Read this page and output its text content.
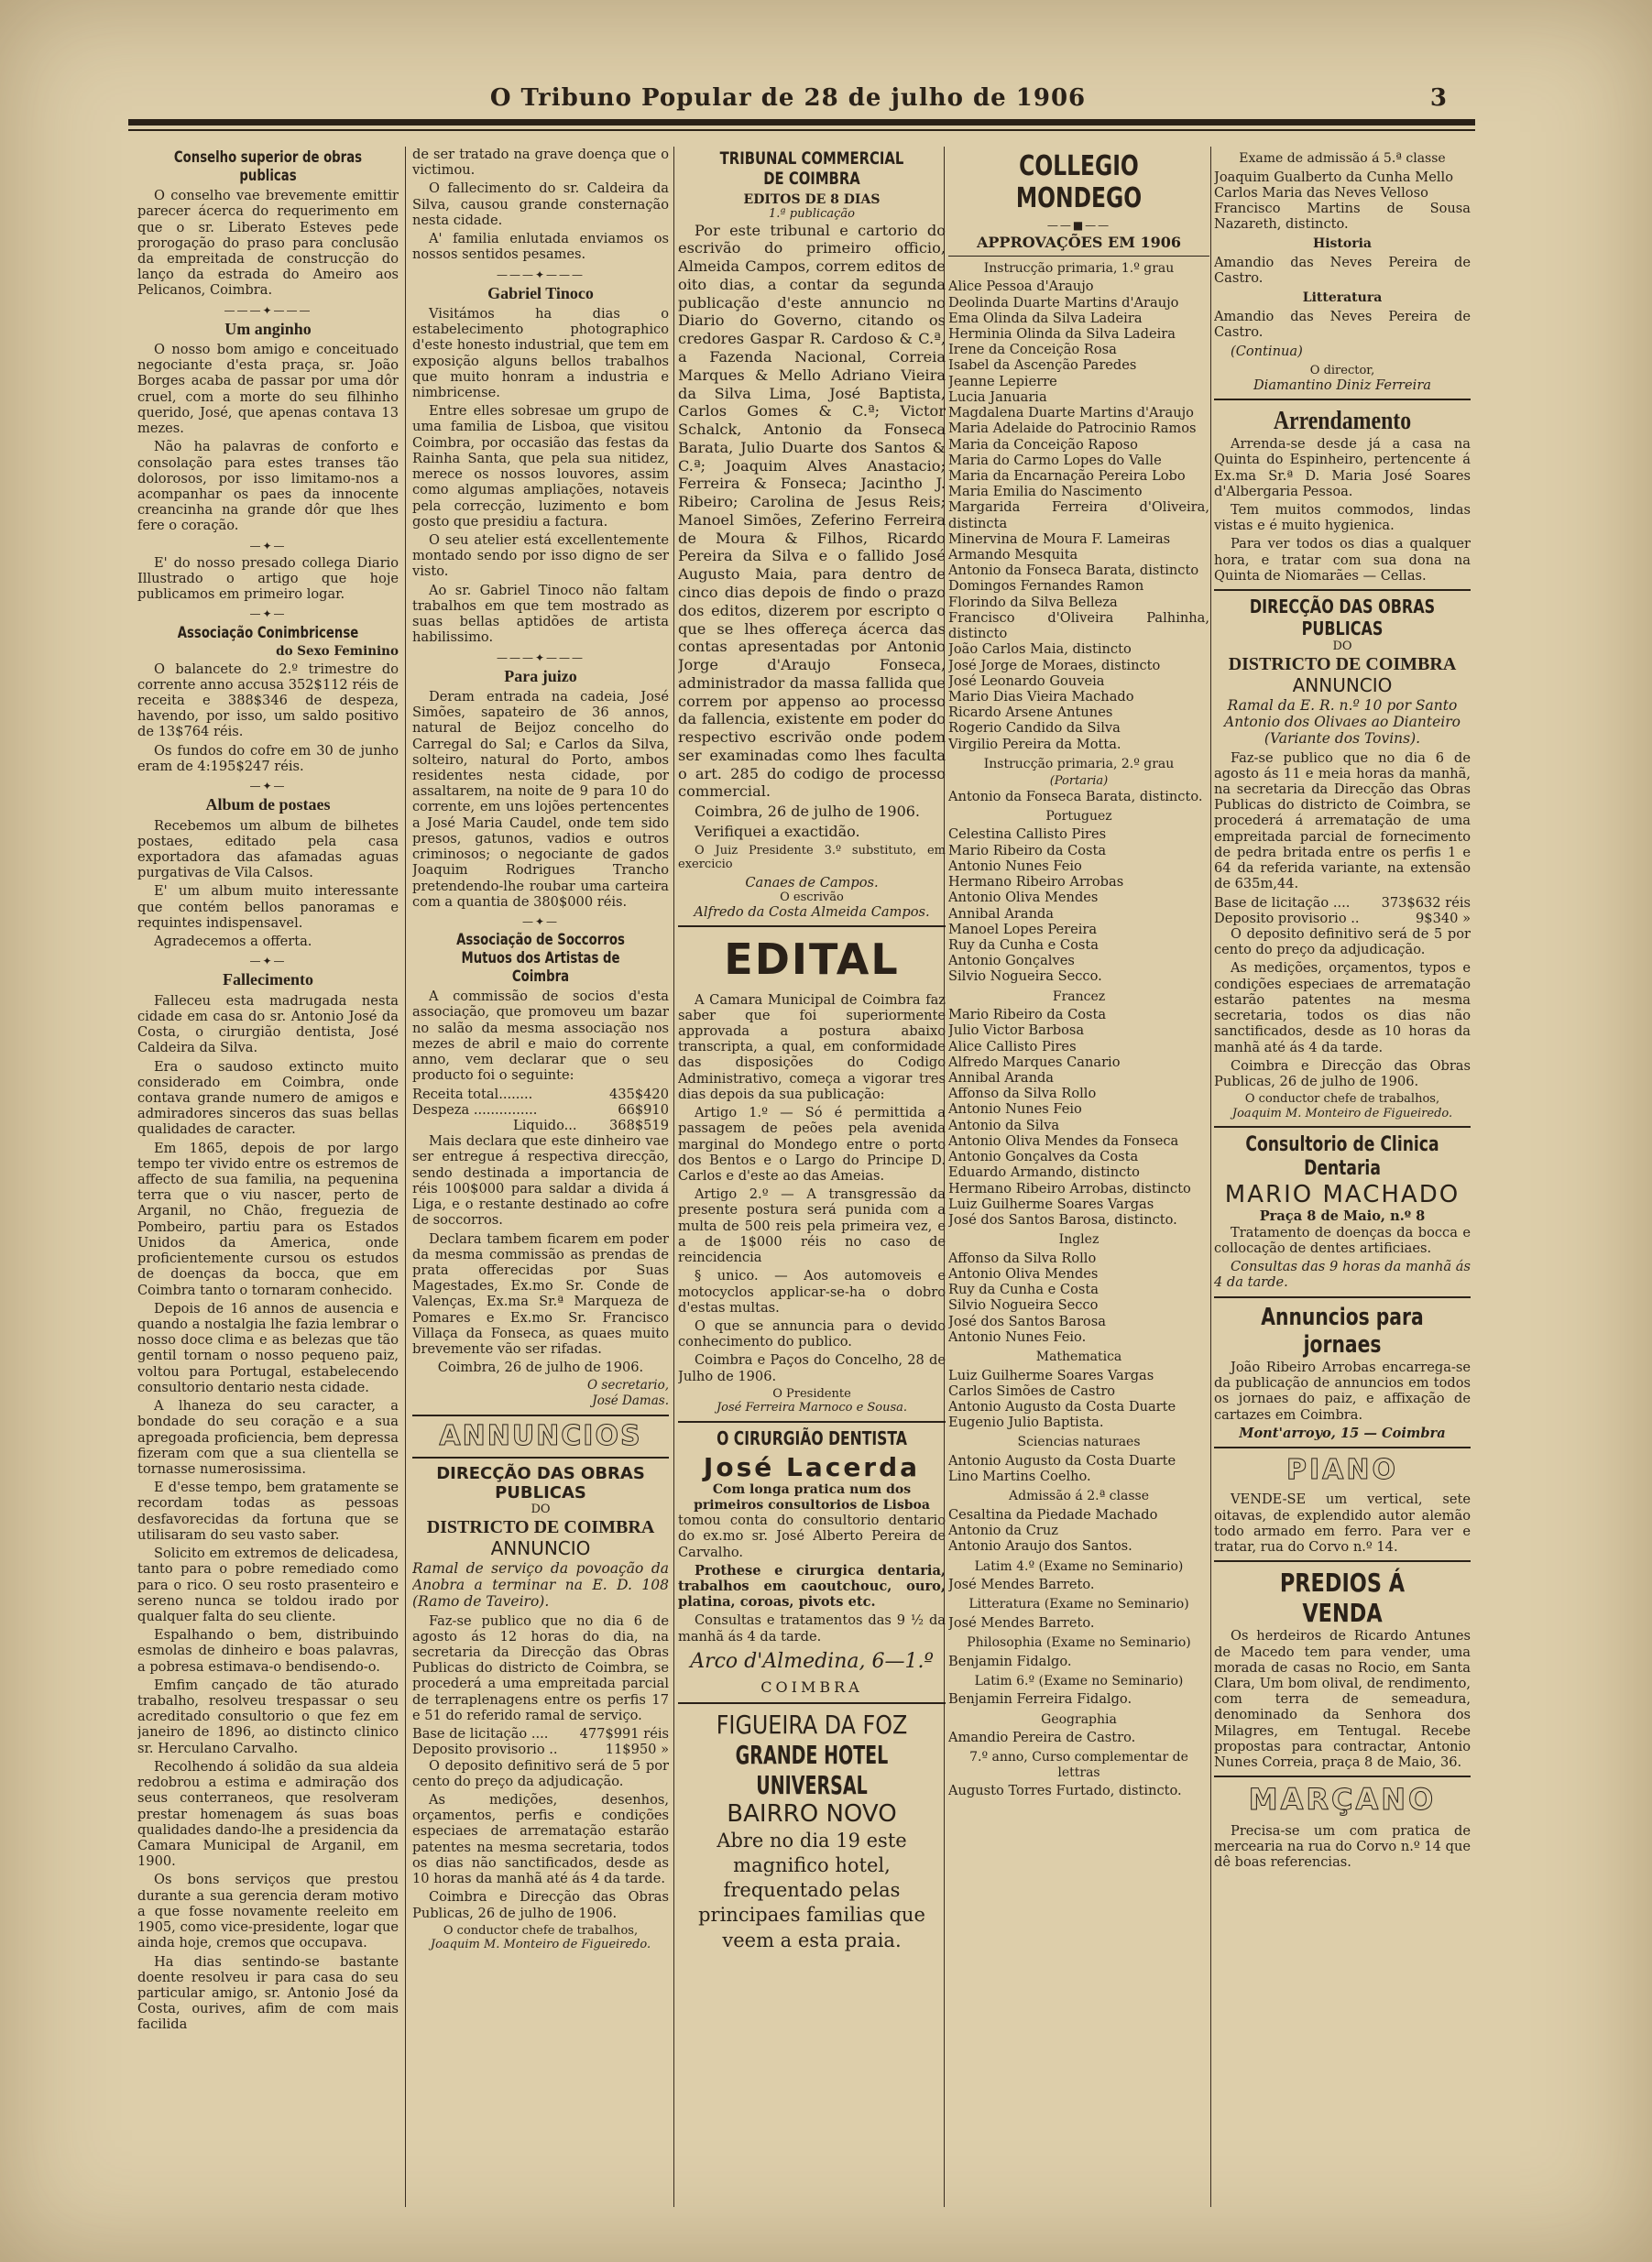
O Tribuno Popular de 28 de julho de 1906	3
Conselho superior de obras publicas

O conselho vae brevemente emittir parecer ácerca do requerimento em que o sr. Liberato Esteves pede prorogação do praso para conclusão da empreitada de construcção do lanço da estrada do Ameiro aos Pelicanos, Coimbra.

———✦———
Um anginho

O nosso bom amigo e conceituado negociante d'esta praça, sr. João Borges acaba de passar por uma dôr cruel, com a morte do seu filhinho querido, José, que apenas contava 13 mezes.

Não ha palavras de conforto e consolação para estes transes tão dolorosos, por isso limitamo-nos a acompanhar os paes da innocente creancinha na grande dôr que lhes fere o coração.

—✦—

E' do nosso presado collega Diario Illustrado o artigo que hoje publicamos em primeiro logar.

—✦—
Associação Conimbricense
do Sexo Feminino

O balancete do 2.º trimestre do corrente anno accusa 352$112 réis de receita e 388$346 de despeza, havendo, por isso, um saldo positivo de 13$764 réis.

Os fundos do cofre em 30 de junho eram de 4:195$247 réis.

—✦—
Album de postaes

Recebemos um album de bilhetes postaes, editado pela casa exportadora das afamadas aguas purgativas de Vila Calsos.

E' um album muito interessante que contém bellos panoramas e requintes indispensavel.

Agradecemos a offerta.

—✦—
Fallecimento

Falleceu esta madrugada nesta cidade em casa do sr. Antonio José da Costa, o cirurgião dentista, José Caldeira da Silva.

Era o saudoso extincto muito considerado em Coimbra, onde contava grande numero de amigos e admiradores sinceros das suas bellas qualidades de caracter.

Em 1865, depois de por largo tempo ter vivido entre os estremos de affecto de sua familia, na pequenina terra que o viu nascer, perto de Arganil, no Chão, freguezia de Pombeiro, partiu para os Estados Unidos da America, onde proficientemente cursou os estudos de doenças da bocca, que em Coimbra tanto o tornaram conhecido.

Depois de 16 annos de ausencia e quando a nostalgia lhe fazia lembrar o nosso doce clima e as belezas que tão gentil tornam o nosso pequeno paiz, voltou para Portugal, estabelecendo consultorio dentario nesta cidade.

A lhaneza do seu caracter, a bondade do seu coração e a sua apregoada proficiencia, bem depressa fizeram com que a sua clientella se tornasse numerosissima.

E d'esse tempo, bem gratamente se recordam todas as pessoas desfavorecidas da fortuna que se utilisaram do seu vasto saber.

Solicito em extremos de delicadesa, tanto para o pobre remediado como para o rico. O seu rosto prasenteiro e sereno nunca se toldou irado por qualquer falta do seu cliente.

Espalhando o bem, distribuindo esmolas de dinheiro e boas palavras, a pobresa estimava-o bendisendo-o.

Emfim cançado de tão aturado trabalho, resolveu trespassar o seu acreditado consultorio o que fez em janeiro de 1896, ao distincto clinico sr. Herculano Carvalho.

Recolhendo á solidão da sua aldeia redobrou a estima e admiração dos seus conterraneos, que resolveram prestar homenagem ás suas boas qualidades dando-lhe a presidencia da Camara Municipal de Arganil, em 1900.

Os bons serviços que prestou durante a sua gerencia deram motivo a que fosse novamente reeleito em 1905, como vice-presidente, logar que ainda hoje, cremos que occupava.

Ha dias sentindo-se bastante doente resolveu ir para casa do seu particular amigo, sr. Antonio José da Costa, ourives, afim de com mais facilida

de ser tratado na grave doença que o victimou.

O fallecimento do sr. Caldeira da Silva, causou grande consternação nesta cidade.

A' familia enlutada enviamos os nossos sentidos pesames.

———✦———
Gabriel Tinoco

Visitámos ha dias o estabelecimento photographico d'este honesto industrial, que tem em exposição alguns bellos trabalhos que muito honram a industria e nimbricense.

Entre elles sobresae um grupo de uma familia de Lisboa, que visitou Coimbra, por occasião das festas da Rainha Santa, que pela sua nitidez, merece os nossos louvores, assim como algumas ampliações, notaveis pela correcção, luzimento e bom gosto que presidiu a factura.

O seu atelier está excellentemente montado sendo por isso digno de ser visto.

Ao sr. Gabriel Tinoco não faltam trabalhos em que tem mostrado as suas bellas aptidões de artista habilissimo.

———✦———
Para juizo

Deram entrada na cadeia, José Simões, sapateiro de 36 annos, natural de Beijoz concelho do Carregal do Sal; e Carlos da Silva, solteiro, natural do Porto, ambos residentes nesta cidade, por assaltarem, na noite de 9 para 10 do corrente, em uns lojões pertencentes a José Maria Caudel, onde tem sido presos, gatunos, vadios e outros criminosos; o negociante de gados Joaquim Rodrigues Trancho pretendendo-lhe roubar uma carteira com a quantia de 380$000 réis.

—✦—
Associação de Soccorros Mutuos dos Artistas de Coimbra

A commissão de socios d'esta associação, que promoveu um bazar no salão da mesma associação nos mezes de abril e maio do corrente anno, vem declarar que o seu producto foi o seguinte:

Receita total........	435$420
Despeza ...............	66$910
Liquido... 368$519

Mais declara que este dinheiro vae ser entregue á respectiva direcção, sendo destinada a importancia de réis 100$000 para saldar a divida á Liga, e o restante destinado ao cofre de soccorros.

Declara tambem ficarem em poder da mesma commissão as prendas de prata offerecidas por Suas Magestades, Ex.mo Sr. Conde de Valenças, Ex.ma Sr.ª Marqueza de Pomares e Ex.mo Sr. Francisco Villaça da Fonseca, as quaes muito brevemente vão ser rifadas.

Coimbra, 26 de julho de 1906.

O secretario,
José Damas.
ANNUNCIOS
DIRECÇÃO DAS OBRAS PUBLICAS
DO
DISTRICTO DE COIMBRA
ANNUNCIO

Ramal de serviço da povoação da Anobra a terminar na E. D. 108 (Ramo de Taveiro).

Faz-se publico que no dia 6 de agosto ás 12 horas do dia, na secretaria da Direcção das Obras Publicas do districto de Coimbra, se procederá a uma empreitada parcial de terraplenagens entre os perfis 17 e 51 do referido ramal de serviço.

Base de licitação .... 477$991 réis
Deposito provisorio ..	11$950 »

O deposito definitivo será de 5 por cento do preço da adjudicação.

As medições, desenhos, orçamentos, perfis e condições especiaes de arrematação estarão patentes na mesma secretaria, todos os dias não sanctificados, desde as 10 horas da manhã até ás 4 da tarde.

Coimbra e Direcção das Obras Publicas, 26 de julho de 1906.

O conductor chefe de trabalhos,
Joaquim M. Monteiro de Figueiredo.
TRIBUNAL COMMERCIAL DE COIMBRA
EDITOS DE 8 DIAS
1.ª publicação

Por este tribunal e cartorio do escrivão do primeiro officio, Almeida Campos, correm editos de oito dias, a contar da segunda publicação d'este annuncio no Diario do Governo, citando os credores Gaspar R. Cardoso & C.ª, a Fazenda Nacional, Correia Marques & Mello Adriano Vieira da Silva Lima, José Baptista, Carlos Gomes & C.ª; Victor Schalck, Antonio da Fonseca Barata, Julio Duarte dos Santos & C.ª; Joaquim Alves Anastacio; Ferreira & Fonseca; Jacintho J. Ribeiro; Carolina de Jesus Reis; Manoel Simões, Zeferino Ferreira de Moura & Filhos, Ricardo Pereira da Silva e o fallido José Augusto Maia, para dentro de cinco dias depois de findo o prazo dos editos, dizerem por escripto o que se lhes offereça ácerca das contas apresentadas por Antonio Jorge d'Araujo Fonseca, administrador da massa fallida que correm por appenso ao processo da fallencia, existente em poder do respectivo escrivão onde podem ser examinadas como lhes faculta o art. 285 do codigo de processo commercial.

Coimbra, 26 de julho de 1906.

Verifiquei a exactidão.

O Juiz Presidente 3.º substituto, em exercicio

Canaes de Campos.
O escrivão
Alfredo da Costa Almeida Campos.
EDITAL

A Camara Municipal de Coimbra faz saber que foi superiormente approvada a postura abaixo transcripta, a qual, em conformidade das disposições do Codigo Administrativo, começa a vigorar tres dias depois da sua publicação:

Artigo 1.º — Só é permittida a passagem de peões pela avenida marginal do Mondego entre o porto dos Bentos e o Largo do Principe D. Carlos e d'este ao das Ameias.

Artigo 2.º — A transgressão da presente postura será punida com a multa de 500 reis pela primeira vez, e a de 1$000 réis no caso de reincidencia

§ unico. — Aos automoveis e motocyclos applicar-se-ha o dobro d'estas multas.

O que se annuncia para o devido conhecimento do publico.

Coimbra e Paços do Concelho, 28 de Julho de 1906.

O Presidente
José Ferreira Marnoco e Sousa.
O CIRURGIÃO DENTISTA
José Lacerda
Com longa pratica num dos primeiros consultorios de Lisboa

tomou conta do consultorio dentario do ex.mo sr. José Alberto Pereira de Carvalho.

Prothese e cirurgica dentaria, trabalhos em caoutchouc, ouro, platina, coroas, pivots etc.

Consultas e tratamentos das 9 ½ da manhã ás 4 da tarde.

Arco d'Almedina, 6—1.º
COIMBRA
FIGUEIRA DA FOZ
GRANDE HOTEL UNIVERSAL
BAIRRO NOVO

Abre no dia 19 este magnifico hotel, frequentado pelas principaes familias que veem a esta praia.

COLLEGIO MONDEGO
——■——
APPROVAÇÕES EM 1906
Instrucção primaria, 1.º grau
Alice Pessoa d'Araujo
Deolinda Duarte Martins d'Araujo
Ema Olinda da Silva Ladeira
Herminia Olinda da Silva Ladeira
Irene da Conceição Rosa
Isabel da Ascenção Paredes
Jeanne Lepierre
Lucia Januaria
Magdalena Duarte Martins d'Araujo
Maria Adelaide do Patrocinio Ramos
Maria da Conceição Raposo
Maria do Carmo Lopes do Valle
Maria da Encarnação Pereira Lobo
Maria Emilia do Nascimento
Margarida Ferreira d'Oliveira, distincta
Minervina de Moura F. Lameiras
Armando Mesquita
Antonio da Fonseca Barata, distincto
Domingos Fernandes Ramon
Florindo da Silva Belleza
Francisco d'Oliveira Palhinha, distincto
João Carlos Maia, distincto
José Jorge de Moraes, distincto
José Leonardo Gouveia
Mario Dias Vieira Machado
Ricardo Arsene Antunes
Rogerio Candido da Silva
Virgilio Pereira da Motta.
Instrucção primaria, 2.º grau
(Portaria)
Antonio da Fonseca Barata, distincto.
Portuguez
Celestina Callisto Pires
Mario Ribeiro da Costa
Antonio Nunes Feio
Hermano Ribeiro Arrobas
Antonio Oliva Mendes
Annibal Aranda
Manoel Lopes Pereira
Ruy da Cunha e Costa
Antonio Gonçalves
Silvio Nogueira Secco.
Francez
Mario Ribeiro da Costa
Julio Victor Barbosa
Alice Callisto Pires
Alfredo Marques Canario
Annibal Aranda
Affonso da Silva Rollo
Antonio Nunes Feio
Antonio da Silva
Antonio Oliva Mendes da Fonseca
Antonio Gonçalves da Costa
Eduardo Armando, distincto
Hermano Ribeiro Arrobas, distincto
Luiz Guilherme Soares Vargas
José dos Santos Barosa, distincto.
Inglez
Affonso da Silva Rollo
Antonio Oliva Mendes
Ruy da Cunha e Costa
Silvio Nogueira Secco
José dos Santos Barosa
Antonio Nunes Feio.
Mathematica
Luiz Guilherme Soares Vargas
Carlos Simões de Castro
Antonio Augusto da Costa Duarte
Eugenio Julio Baptista.
Sciencias naturaes
Antonio Augusto da Costa Duarte
Lino Martins Coelho.
Admissão á 2.ª classe
Cesaltina da Piedade Machado
Antonio da Cruz
Antonio Araujo dos Santos.
Latim 4.º (Exame no Seminario)
José Mendes Barreto.
Litteratura (Exame no Seminario)
José Mendes Barreto.
Philosophia (Exame no Seminario)
Benjamin Fidalgo.
Latim 6.º (Exame no Seminario)
Benjamin Ferreira Fidalgo.
Geographia
Amandio Pereira de Castro.
7.º anno, Curso complementar de lettras
Augusto Torres Furtado, distincto.
Exame de admissão á 5.ª classe
Joaquim Gualberto da Cunha Mello
Carlos Maria das Neves Velloso
Francisco Martins de Sousa Nazareth, distincto.
Historia
Amandio das Neves Pereira de Castro.
Litteratura
Amandio das Neves Pereira de Castro.
(Continua)
O director,
Diamantino Diniz Ferreira
Arrendamento

Arrenda-se desde já a casa na Quinta do Espinheiro, pertencente á Ex.ma Sr.ª D. Maria José Soares d'Albergaria Pessoa.

Tem muitos commodos, lindas vistas e é muito hygienica.

Para ver todos os dias a qualquer hora, e tratar com sua dona na Quinta de Niomarães — Cellas.

DIRECÇÃO DAS OBRAS PUBLICAS
DO
DISTRICTO DE COIMBRA
ANNUNCIO

Ramal da E. R. n.º 10 por Santo Antonio dos Olivaes ao Dianteiro (Variante dos Tovins).

Faz-se publico que no dia 6 de agosto ás 11 e meia horas da manhã, na secretaria da Direcção das Obras Publicas do districto de Coimbra, se procederá á arrematação de uma empreitada parcial de fornecimento de pedra britada entre os perfis 1 e 64 da referida variante, na extensão de 635m,44.

Base de licitação .... 373$632 réis
Deposito provisorio ..	9$340 »

O deposito definitivo será de 5 por cento do preço da adjudicação.

As medições, orçamentos, typos e condições especiaes de arrematação estarão patentes na mesma secretaria, todos os dias não sanctificados, desde as 10 horas da manhã até ás 4 da tarde.

Coimbra e Direcção das Obras Publicas, 26 de julho de 1906.

O conductor chefe de trabalhos,
Joaquim M. Monteiro de Figueiredo.
Consultorio de Clinica Dentaria
MARIO MACHADO
Praça 8 de Maio, n.º 8

Tratamento de doenças da bocca e collocação de dentes artificiaes.

Consultas das 9 horas da manhã ás 4 da tarde.

Annuncios para jornaes

João Ribeiro Arrobas encarrega-se da publicação de annuncios em todos os jornaes do paiz, e affixação de cartazes em Coimbra.

Mont'arroyo, 15 — Coimbra
PIANO

VENDE-SE um vertical, sete oitavas, de explendido autor alemão todo armado em ferro. Para ver e tratar, rua do Corvo n.º 14.

PREDIOS Á VENDA

Os herdeiros de Ricardo Antunes de Macedo tem para vender, uma morada de casas no Rocio, em Santa Clara, Um bom olival, de rendimento, com terra de semeadura, denominado da Senhora dos Milagres, em Tentugal. Recebe propostas para contractar, Antonio Nunes Correia, praça 8 de Maio, 36.

MARÇANO

Precisa-se um com pratica de mercearia na rua do Corvo n.º 14 que dê boas referencias.
